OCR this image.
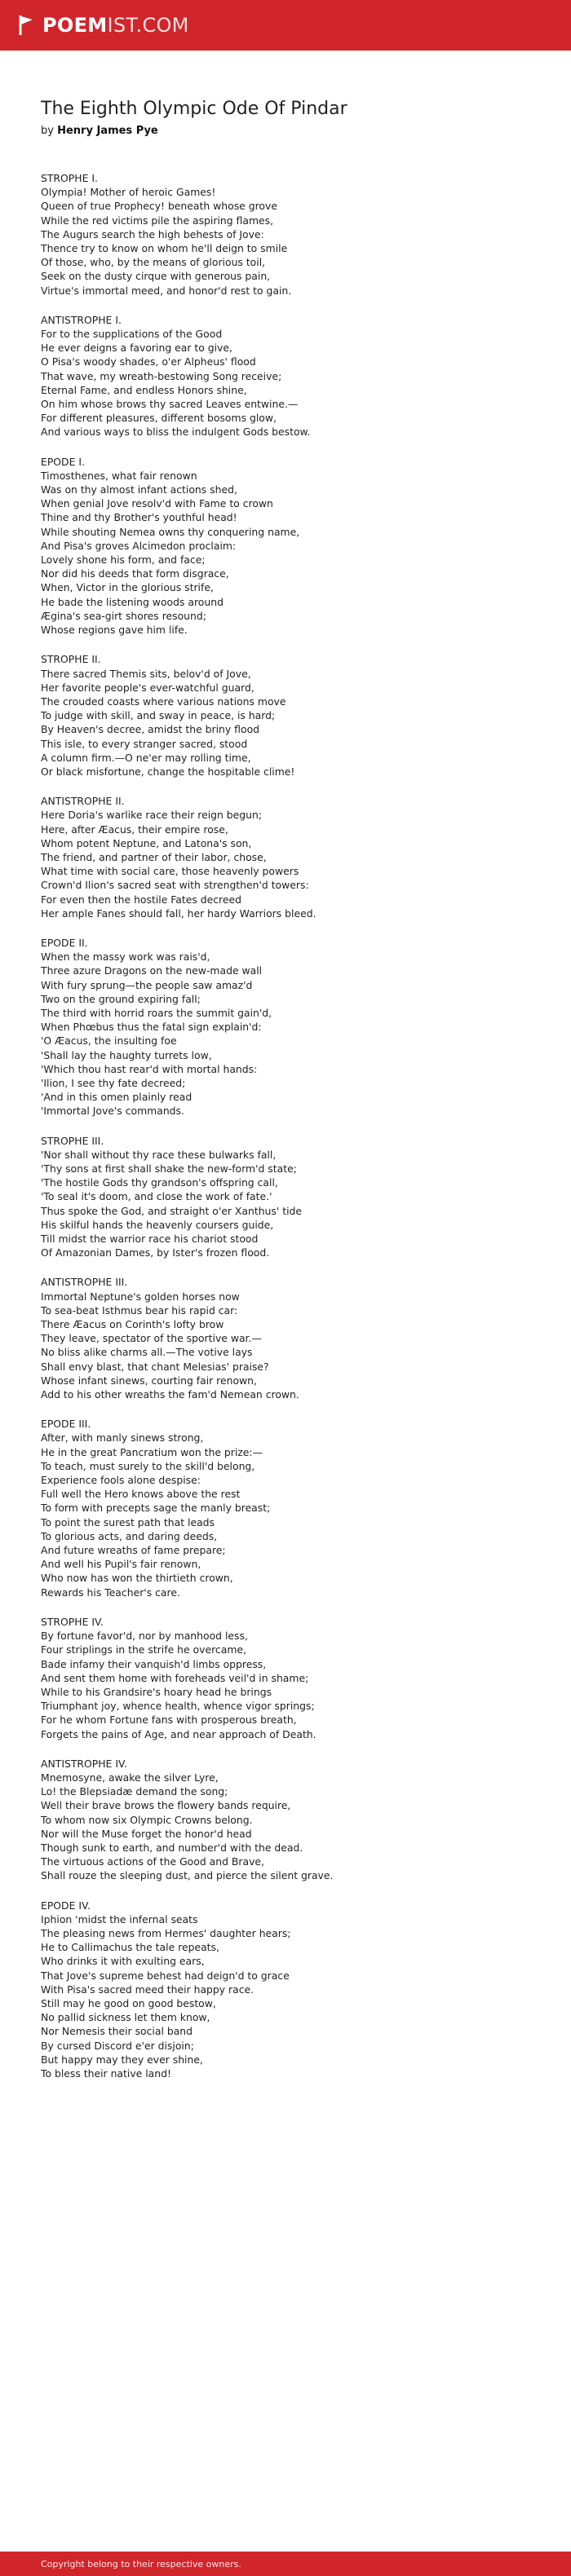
POEMIST.COM
The Eighth Olympic Ode Of Pindar
by Henry James Pye
STROPHE I.
Olympia! Mother of heroic Games!
Queen of true Prophecy! beneath whose grove
While the red victims pile the aspiring flames,
The Augurs search the high behests of Jove:
Thence try to know on whom he'll deign to smile
Of those, who, by the means of glorious toil,
Seek on the dusty cirque with generous pain,
Virtue's immortal meed, and honor'd rest to gain.
ANTISTROPHE I.
For to the supplications of the Good
He ever deigns a favoring ear to give,
O Pisa's woody shades, o'er Alpheus' flood
That wave, my wreath-bestowing Song receive;
Eternal Fame, and endless Honors shine,
On him whose brows thy sacred Leaves entwine.—
For different pleasures, different bosoms glow,
And various ways to bliss the indulgent Gods bestow.
EPODE I.
Timosthenes, what fair renown
Was on thy almost infant actions shed,
When genial Jove resolv'd with Fame to crown
Thine and thy Brother's youthful head!
While shouting Nemea owns thy conquering name,
And Pisa's groves Alcimedon proclaim:
Lovely shone his form, and face;
Nor did his deeds that form disgrace,
When, Victor in the glorious strife,
He bade the listening woods around
Ægina's sea-girt shores resound;
Whose regions gave him life.
STROPHE II.
There sacred Themis sits, belov'd of Jove,
Her favorite people's ever-watchful guard,
The crouded coasts where various nations move
To judge with skill, and sway in peace, is hard;
By Heaven's decree, amidst the briny flood
This isle, to every stranger sacred, stood
A column firm.—O ne'er may rolling time,
Or black misfortune, change the hospitable clime!
ANTISTROPHE II.
Here Doria's warlike race their reign begun;
Here, after Æacus, their empire rose,
Whom potent Neptune, and Latona's son,
The friend, and partner of their labor, chose,
What time with social care, those heavenly powers
Crown'd Ilion's sacred seat with strengthen'd towers:
For even then the hostile Fates decreed
Her ample Fanes should fall, her hardy Warriors bleed.
EPODE II.
When the massy work was rais'd,
Three azure Dragons on the new-made wall
With fury sprung—the people saw amaz'd
Two on the ground expiring fall;
The third with horrid roars the summit gain'd,
When Phœbus thus the fatal sign explain'd:
'O Æacus, the insulting foe
'Shall lay the haughty turrets low,
'Which thou hast rear'd with mortal hands:
'Ilion, I see thy fate decreed;
'And in this omen plainly read
'Immortal Jove's commands.
STROPHE III.
'Nor shall without thy race these bulwarks fall,
'Thy sons at first shall shake the new-form'd state;
'The hostile Gods thy grandson's offspring call,
'To seal it's doom, and close the work of fate.'
Thus spoke the God, and straight o'er Xanthus' tide
His skilful hands the heavenly coursers guide,
Till midst the warrior race his chariot stood
Of Amazonian Dames, by Ister's frozen flood.
ANTISTROPHE III.
Immortal Neptune's golden horses now
To sea-beat Isthmus bear his rapid car:
There Æacus on Corinth's lofty brow
They leave, spectator of the sportive war.—
No bliss alike charms all.—The votive lays
Shall envy blast, that chant Melesias' praise?
Whose infant sinews, courting fair renown,
Add to his other wreaths the fam'd Nemean crown.
EPODE III.
After, with manly sinews strong,
He in the great Pancratium won the prize:—
To teach, must surely to the skill'd belong,
Experience fools alone despise:
Full well the Hero knows above the rest
To form with precepts sage the manly breast;
To point the surest path that leads
To glorious acts, and daring deeds,
And future wreaths of fame prepare;
And well his Pupil's fair renown,
Who now has won the thirtieth crown,
Rewards his Teacher's care.
STROPHE IV.
By fortune favor'd, nor by manhood less,
Four striplings in the strife he overcame,
Bade infamy their vanquish'd limbs oppress,
And sent them home with foreheads veil'd in shame;
While to his Grandsire's hoary head he brings
Triumphant joy, whence health, whence vigor springs;
For he whom Fortune fans with prosperous breath,
Forgets the pains of Age, and near approach of Death.
ANTISTROPHE IV.
Mnemosyne, awake the silver Lyre,
Lo! the Blepsiadæ demand the song;
Well their brave brows the flowery bands require,
To whom now six Olympic Crowns belong.
Nor will the Muse forget the honor'd head
Though sunk to earth, and number'd with the dead.
The virtuous actions of the Good and Brave,
Shall rouze the sleeping dust, and pierce the silent grave.
EPODE IV.
Iphion 'midst the infernal seats
The pleasing news from Hermes' daughter hears;
He to Callimachus the tale repeats,
Who drinks it with exulting ears,
That Jove's supreme behest had deign'd to grace
With Pisa's sacred meed their happy race.
Still may he good on good bestow,
No pallid sickness let them know,
Nor Nemesis their social band
By cursed Discord e'er disjoin;
But happy may they ever shine,
To bless their native land!
Copyright belong to their respective owners.
